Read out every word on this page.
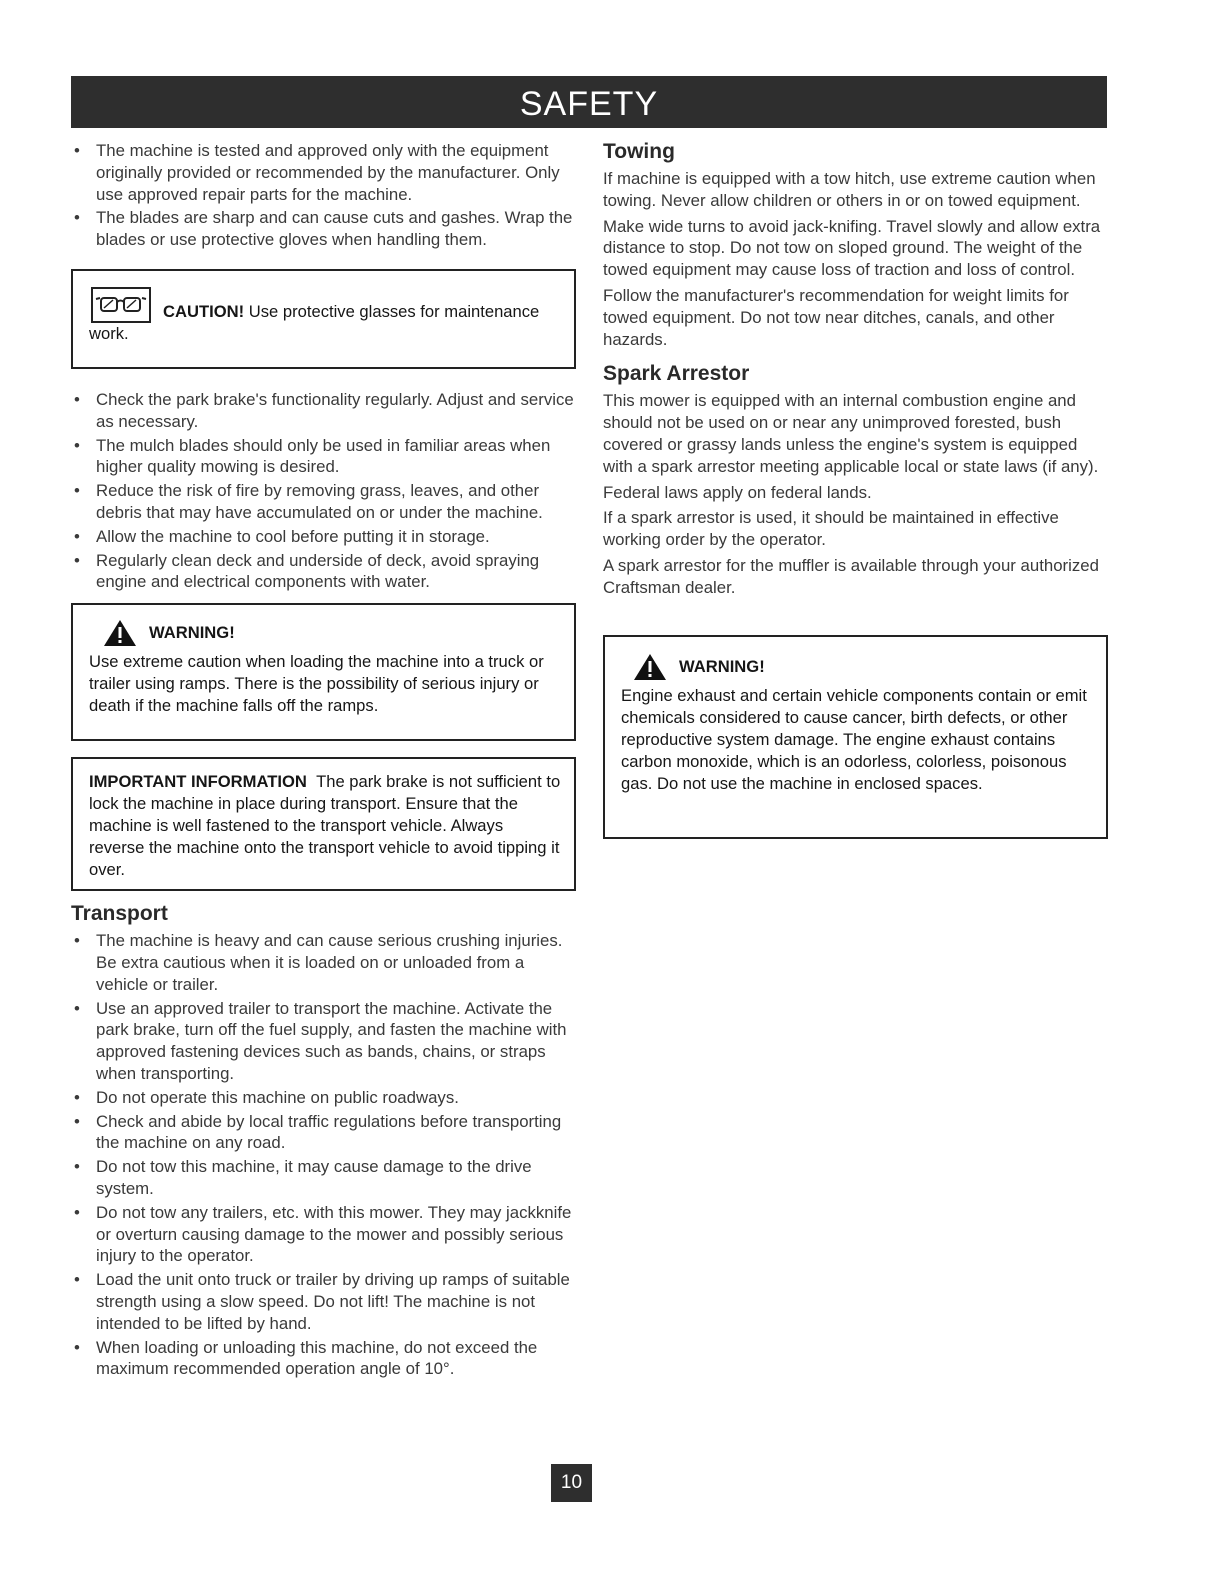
SAFETY
• The machine is tested and approved only with the equipment originally provided or recommended by the manufacturer. Only use approved repair parts for the machine.
• The blades are sharp and can cause cuts and gashes. Wrap the blades or use protective gloves when handling them.
CAUTION! Use protective glasses for maintenance work.
• Check the park brake's functionality regularly. Adjust and service as necessary.
• The mulch blades should only be used in familiar areas when higher quality mowing is desired.
• Reduce the risk of fire by removing grass, leaves, and other debris that may have accumulated on or under the machine.
• Allow the machine to cool before putting it in storage.
• Regularly clean deck and underside of deck, avoid spraying engine and electrical components with water.
WARNING!
Use extreme caution when loading the machine into a truck or trailer using ramps. There is the possibility of serious injury or death if the machine falls off the ramps.
IMPORTANT INFORMATION The park brake is not sufficient to lock the machine in place during transport. Ensure that the machine is well fastened to the transport vehicle. Always reverse the machine onto the transport vehicle to avoid tipping it over.
Transport
• The machine is heavy and can cause serious crushing injuries. Be extra cautious when it is loaded on or unloaded from a vehicle or trailer.
• Use an approved trailer to transport the machine. Activate the park brake, turn off the fuel supply, and fasten the machine with approved fastening devices such as bands, chains, or straps when transporting.
• Do not operate this machine on public roadways.
• Check and abide by local traffic regulations before transporting the machine on any road.
• Do not tow this machine, it may cause damage to the drive system.
• Do not tow any trailers, etc. with this mower. They may jackknife or overturn causing damage to the mower and possibly serious injury to the operator.
• Load the unit onto truck or trailer by driving up ramps of suitable strength using a slow speed. Do not lift! The machine is not intended to be lifted by hand.
• When loading or unloading this machine, do not exceed the maximum recommended operation angle of 10°.
Towing

If machine is equipped with a tow hitch, use extreme caution when towing. Never allow children or others in or on towed equipment.

Make wide turns to avoid jack-knifing. Travel slowly and allow extra distance to stop. Do not tow on sloped ground. The weight of the towed equipment may cause loss of traction and loss of control.

Follow the manufacturer's recommendation for weight limits for towed equipment. Do not tow near ditches, canals, and other hazards.

Spark Arrestor

This mower is equipped with an internal combustion engine and should not be used on or near any unimproved forested, bush covered or grassy lands unless the engine's system is equipped with a spark arrestor meeting applicable local or state laws (if any).

Federal laws apply on federal lands.

If a spark arrestor is used, it should be maintained in effective working order by the operator.

A spark arrestor for the muffler is available through your authorized Craftsman dealer.

WARNING!
Engine exhaust and certain vehicle components contain or emit chemicals considered to cause cancer, birth defects, or other reproductive system damage. The engine exhaust contains carbon monoxide, which is an odorless, colorless, poisonous gas. Do not use the machine in enclosed spaces.
10
